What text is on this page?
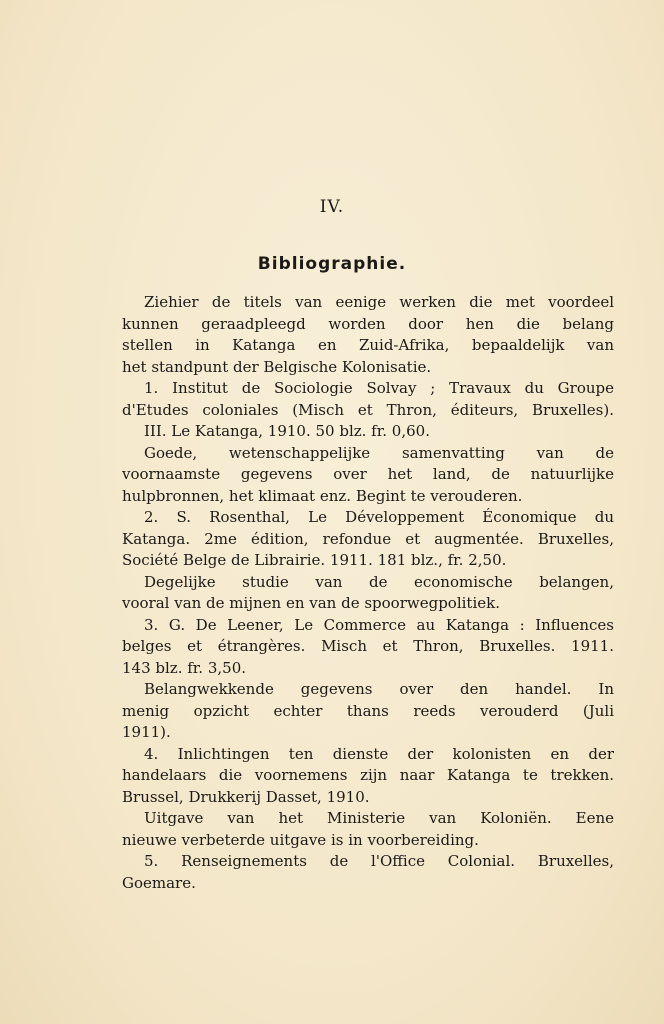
IV.
Bibliographie.
Ziehier de titels van eenige werken die met voordeel
kunnen geraadpleegd worden door hen die belang
stellen in Katanga en Zuid-Afrika, bepaaldelijk van
het standpunt der Belgische Kolonisatie.
1. Institut de Sociologie Solvay ; Travaux du Groupe
d'Etudes coloniales (Misch et Thron, éditeurs, Bruxelles).
III. Le Katanga, 1910. 50 blz. fr. 0,60.
Goede, wetenschappelijke samenvatting van de
voornaamste gegevens over het land, de natuurlijke
hulpbronnen, het klimaat enz. Begint te verouderen.
2. S. Rosenthal, Le Développement Économique du
Katanga. 2me édition, refondue et augmentée. Bruxelles,
Société Belge de Librairie. 1911. 181 blz., fr. 2,50.
Degelijke studie van de economische belangen,
vooral van de mijnen en van de spoorwegpolitiek.
3. G. De Leener, Le Commerce au Katanga : Influences
belges et étrangères. Misch et Thron, Bruxelles. 1911.
143 blz. fr. 3,50.
Belangwekkende gegevens over den handel. In
menig opzicht echter thans reeds verouderd (Juli
1911).
4. Inlichtingen ten dienste der kolonisten en der
handelaars die voornemens zijn naar Katanga te trekken.
Brussel, Drukkerij Dasset, 1910.
Uitgave van het Ministerie van Koloniën. Eene
nieuwe verbeterde uitgave is in voorbereiding.
5. Renseignements de l'Office Colonial. Bruxelles,
Goemare.
